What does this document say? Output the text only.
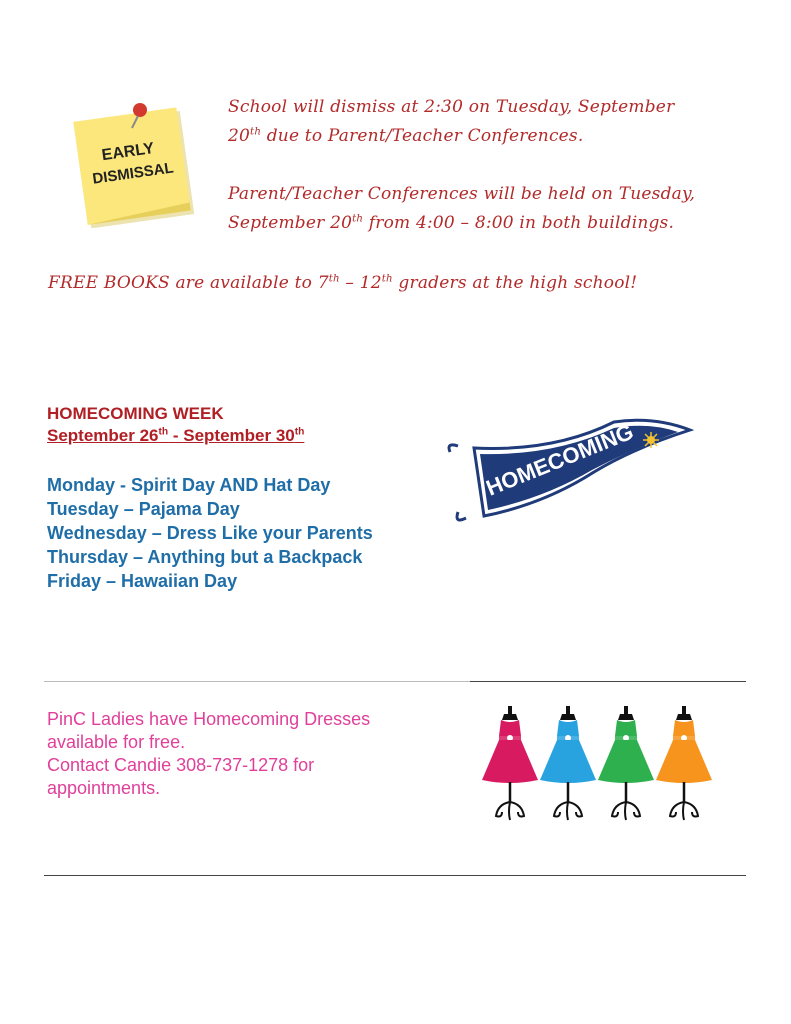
EARLY
DISMISSAL
School will dismiss at 2:30 on Tuesday, September
20th due to Parent/Teacher Conferences.
Parent/Teacher Conferences will be held on Tuesday,
September 20th from 4:00 – 8:00 in both buildings.
FREE BOOKS are available to 7th – 12th graders at the high school!
HOMECOMING WEEK
September 26th - September 30th
Monday - Spirit Day AND Hat Day
Tuesday – Pajama Day
Wednesday – Dress Like your Parents
Thursday – Anything but a Backpack
Friday – Hawaiian Day
HOMECOMING
PinC Ladies have Homecoming Dresses
available for free.
Contact Candie 308-737-1278 for
appointments.
